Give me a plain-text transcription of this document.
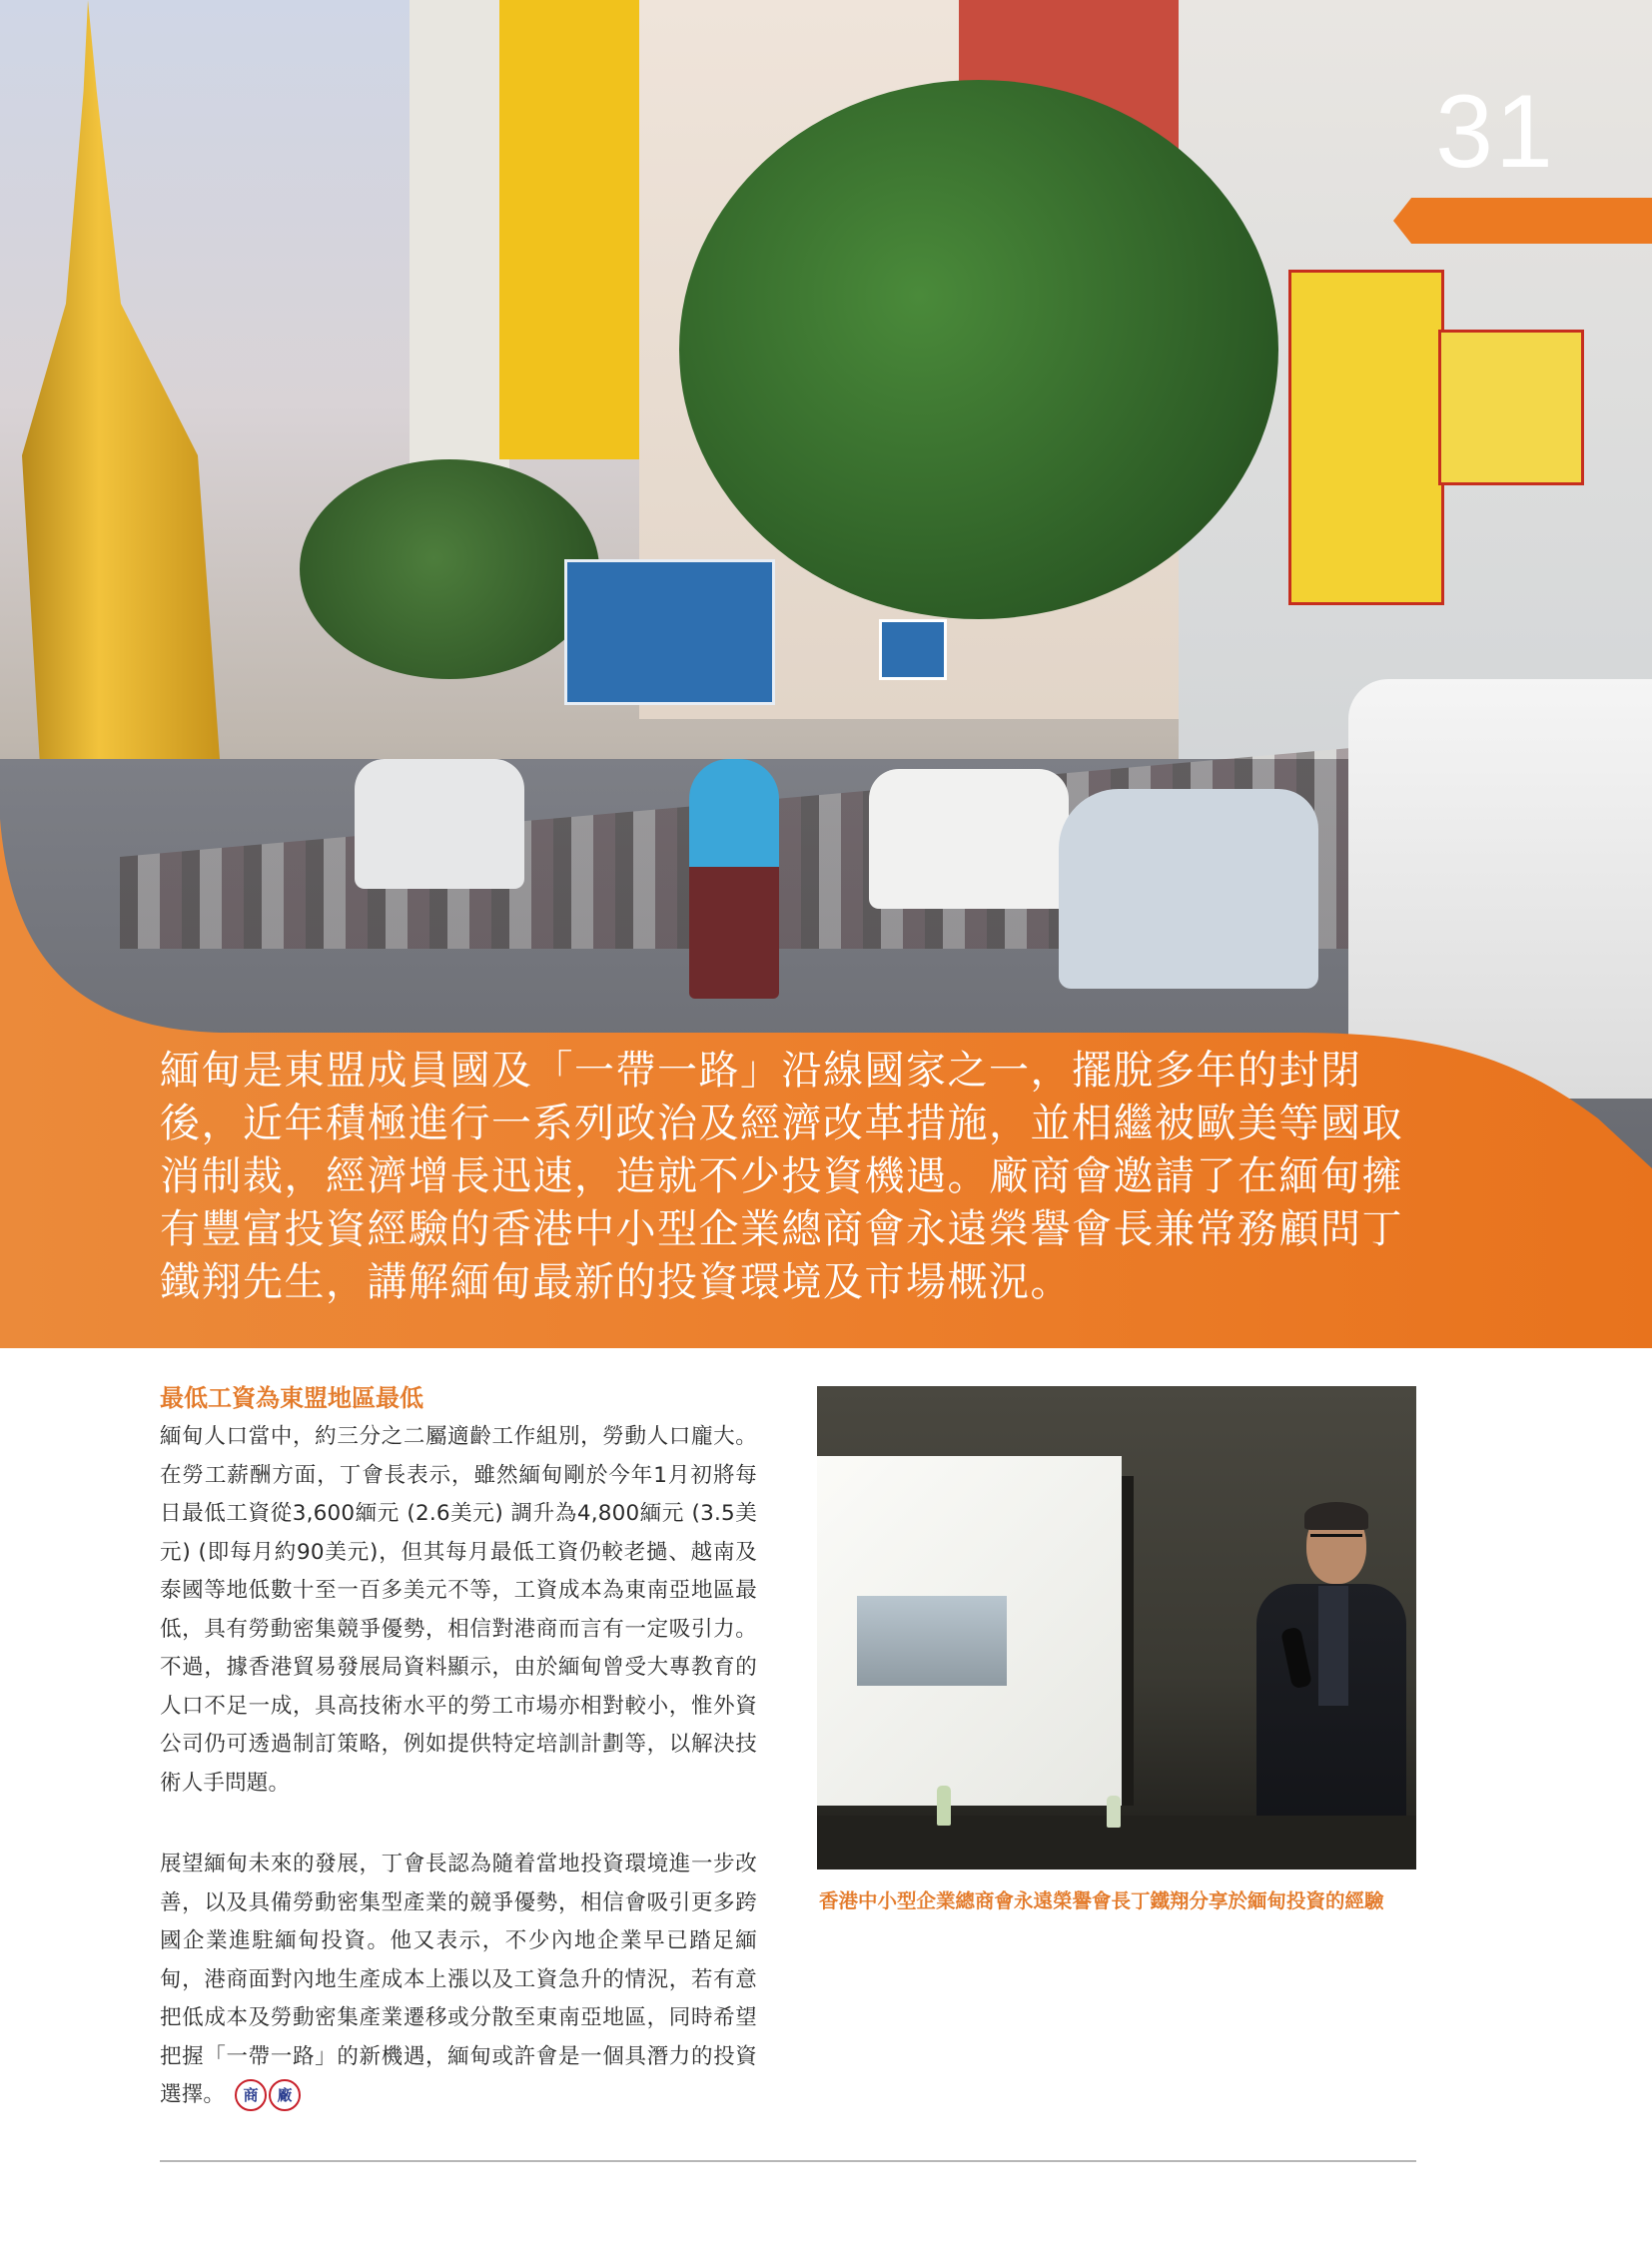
31
緬甸是東盟成員國及「一帶一路」沿線國家之一，擺脫多年的封閉後，近年積極進行一系列政治及經濟改革措施，並相繼被歐美等國取消制裁，經濟增長迅速，造就不少投資機遇。廠商會邀請了在緬甸擁有豐富投資經驗的香港中小型企業總商會永遠榮譽會長兼常務顧問丁鐵翔先生，講解緬甸最新的投資環境及市場概況。
最低工資為東盟地區最低
緬甸人口當中，約三分之二屬適齡工作組別，勞動人口龐大。在勞工薪酬方面，丁會長表示，雖然緬甸剛於今年1月初將每日最低工資從3,600緬元 (2.6美元) 調升為4,800緬元 (3.5美元) (即每月約90美元)，但其每月最低工資仍較老撾、越南及泰國等地低數十至一百多美元不等，工資成本為東南亞地區最低，具有勞動密集競爭優勢，相信對港商而言有一定吸引力。不過，據香港貿易發展局資料顯示，由於緬甸曾受大專教育的人口不足一成，具高技術水平的勞工市場亦相對較小，惟外資公司仍可透過制訂策略，例如提供特定培訓計劃等，以解決技術人手問題。
展望緬甸未來的發展，丁會長認為隨着當地投資環境進一步改善，以及具備勞動密集型產業的競爭優勢，相信會吸引更多跨國企業進駐緬甸投資。他又表示，不少內地企業早已踏足緬甸，港商面對內地生產成本上漲以及工資急升的情況，若有意把低成本及勞動密集產業遷移或分散至東南亞地區，同時希望把握「一帶一路」的新機遇，緬甸或許會是一個具潛力的投資選擇。	商	廠
香港中小型企業總商會永遠榮譽會長丁鐵翔分享於緬甸投資的經驗
